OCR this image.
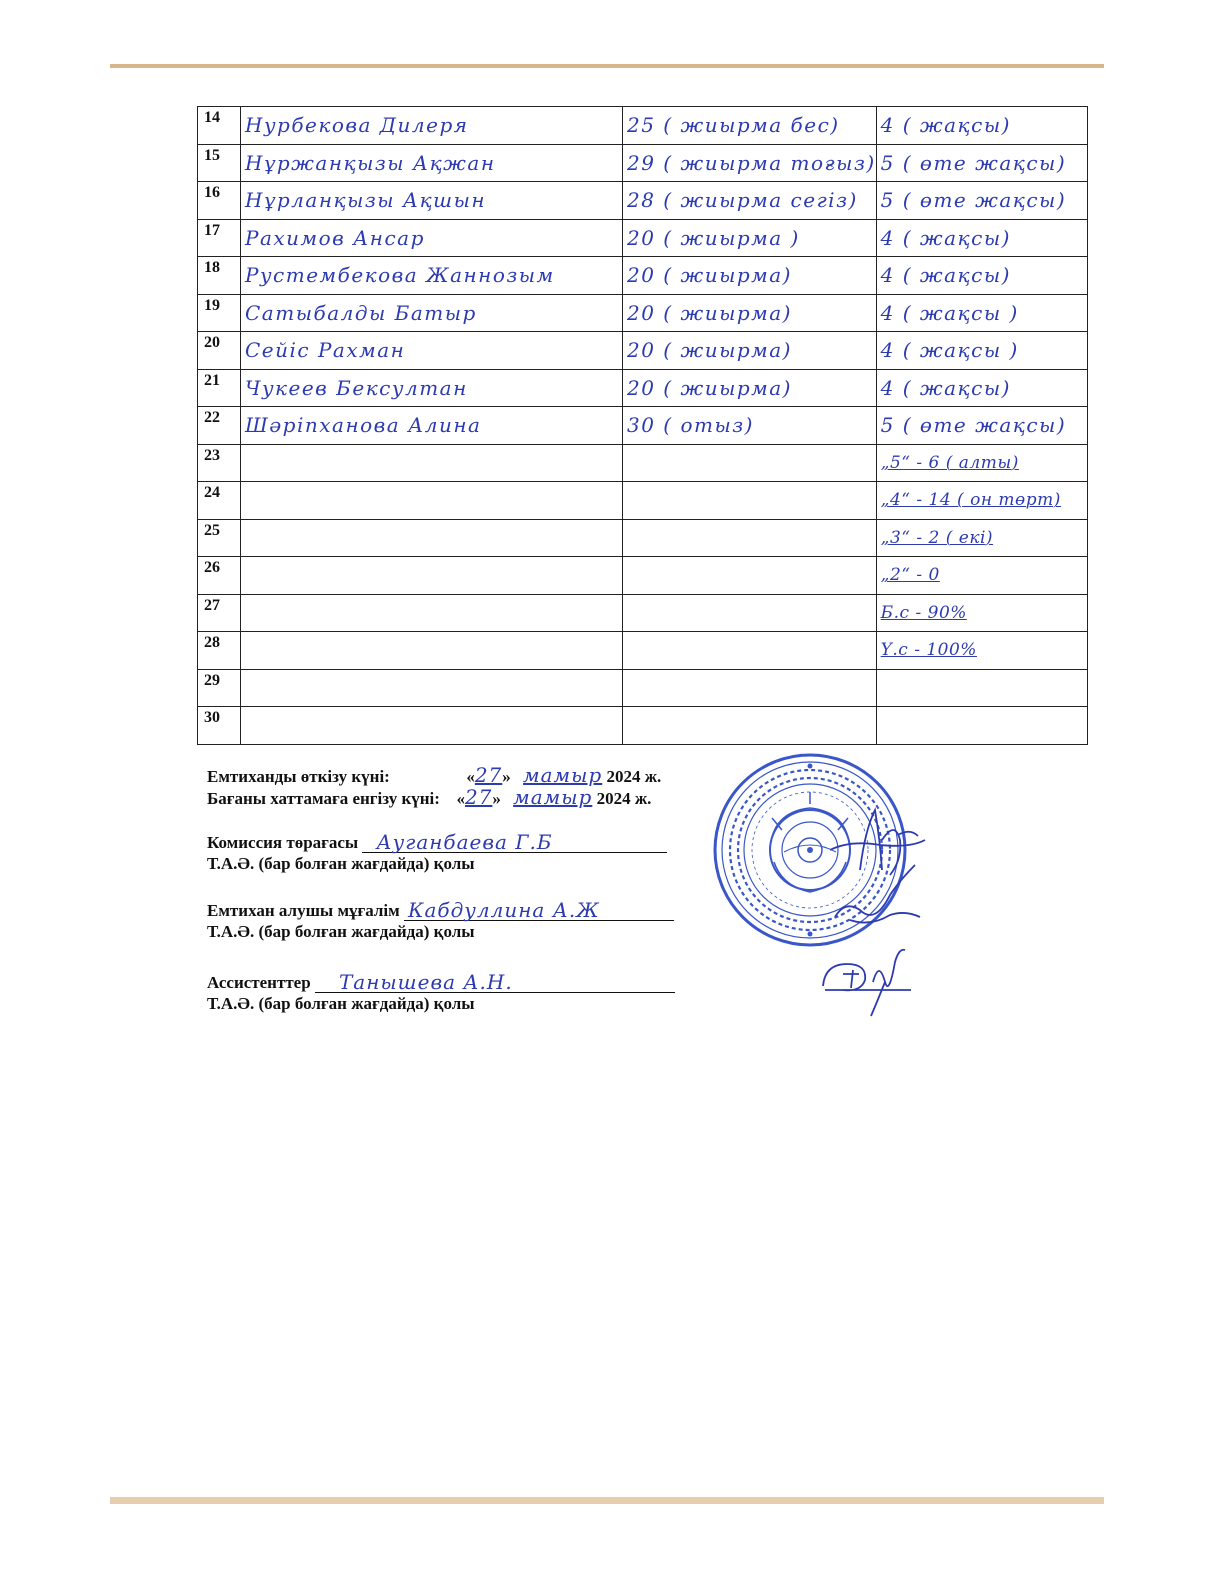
14	Нурбекова Дилеря	25 ( жиырма бес)	4 ( жақсы)
15	Нұржанқызы Ақжан	29 ( жиырма тоғыз)	5 ( өте жақсы)
16	Нұрланқызы Ақшын	28 ( жиырма сегіз)	5 ( өте жақсы)
17	Рахимов Ансар	20 ( жиырма )	4 ( жақсы)
18	Рустембекова Жаннозым	20 ( жиырма)	4 ( жақсы)
19	Сатыбалды Батыр	20 ( жиырма)	4 ( жақсы )
20	Сейіс Рахман	20 ( жиырма)	4 ( жақсы )
21	Чукеев Бексултан	20 ( жиырма)	4 ( жақсы)
22	Шәріпханова Алина	30 ( отыз)	5 ( өте жақсы)
23			„5“ - 6 ( алты)
24			„4“ - 14 ( он төрт)
25			„3“ - 2 ( екі)
26			„2“ - 0
27			Б.с - 90%
28			Ү.с - 100%
29			
30			
Емтиханды өткізу күні:	«27» мамыр 2024 ж.
Бағаны хаттамаға енгізу күні: «27» мамыр 2024 ж.
Комиссия төрағасы Ауганбаева Г.Б
Т.А.Ә. (бар болған жағдайда) қолы
Емтихан алушы мұғалім Кабдуллина А.Ж
Т.А.Ә. (бар болған жағдайда) қолы
Ассистенттер Танышева А.Н.
Т.А.Ә. (бар болған жағдайда) қолы
